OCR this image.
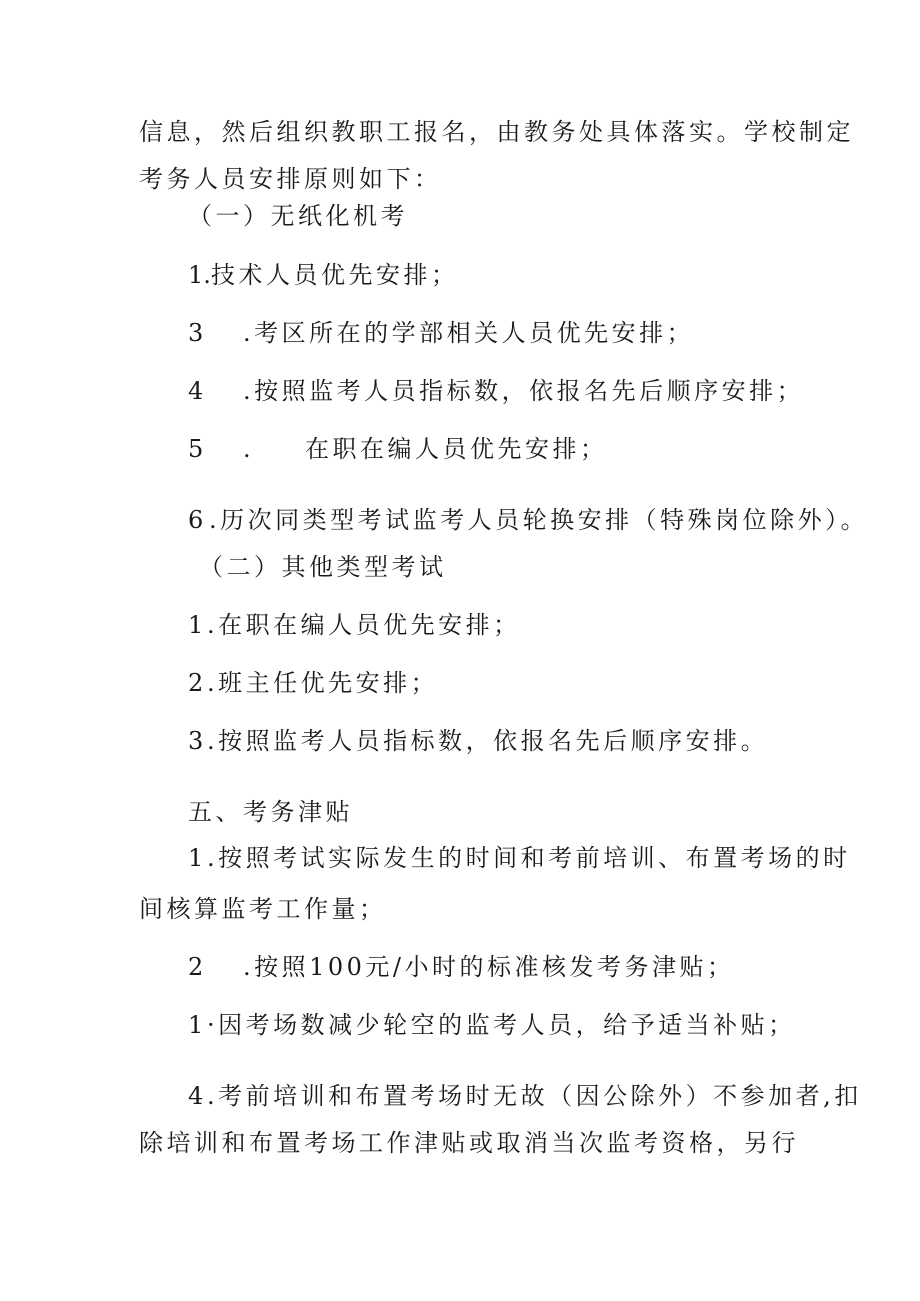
信息，然后组织教职工报名，由教务处具体落实。学校制定
考务人员安排原则如下：
（一）无纸化机考
1. 技术人员优先安排；
3 .考区所在的学部相关人员优先安排；
4 .按照监考人员指标数，依报名先后顺序安排；
5 . 在职在编人员优先安排；
6 .历次同类型考试监考人员轮换安排（特殊岗位除外）。
（二）其他类型考试
1 .在职在编人员优先安排；
2 .班主任优先安排；
3 .按照监考人员指标数，依报名先后顺序安排。
五、考务津贴
1 .按照考试实际发生的时间和考前培训、布置考场的时
间核算监考工作量；
2 .按照100元/小时的标准核发考务津贴；
1 ·因考场数减少轮空的监考人员，给予适当补贴；
4 .考前培训和布置考场时无故（因公除外）不参加者,扣
除培训和布置考场工作津贴或取消当次监考资格，另行
